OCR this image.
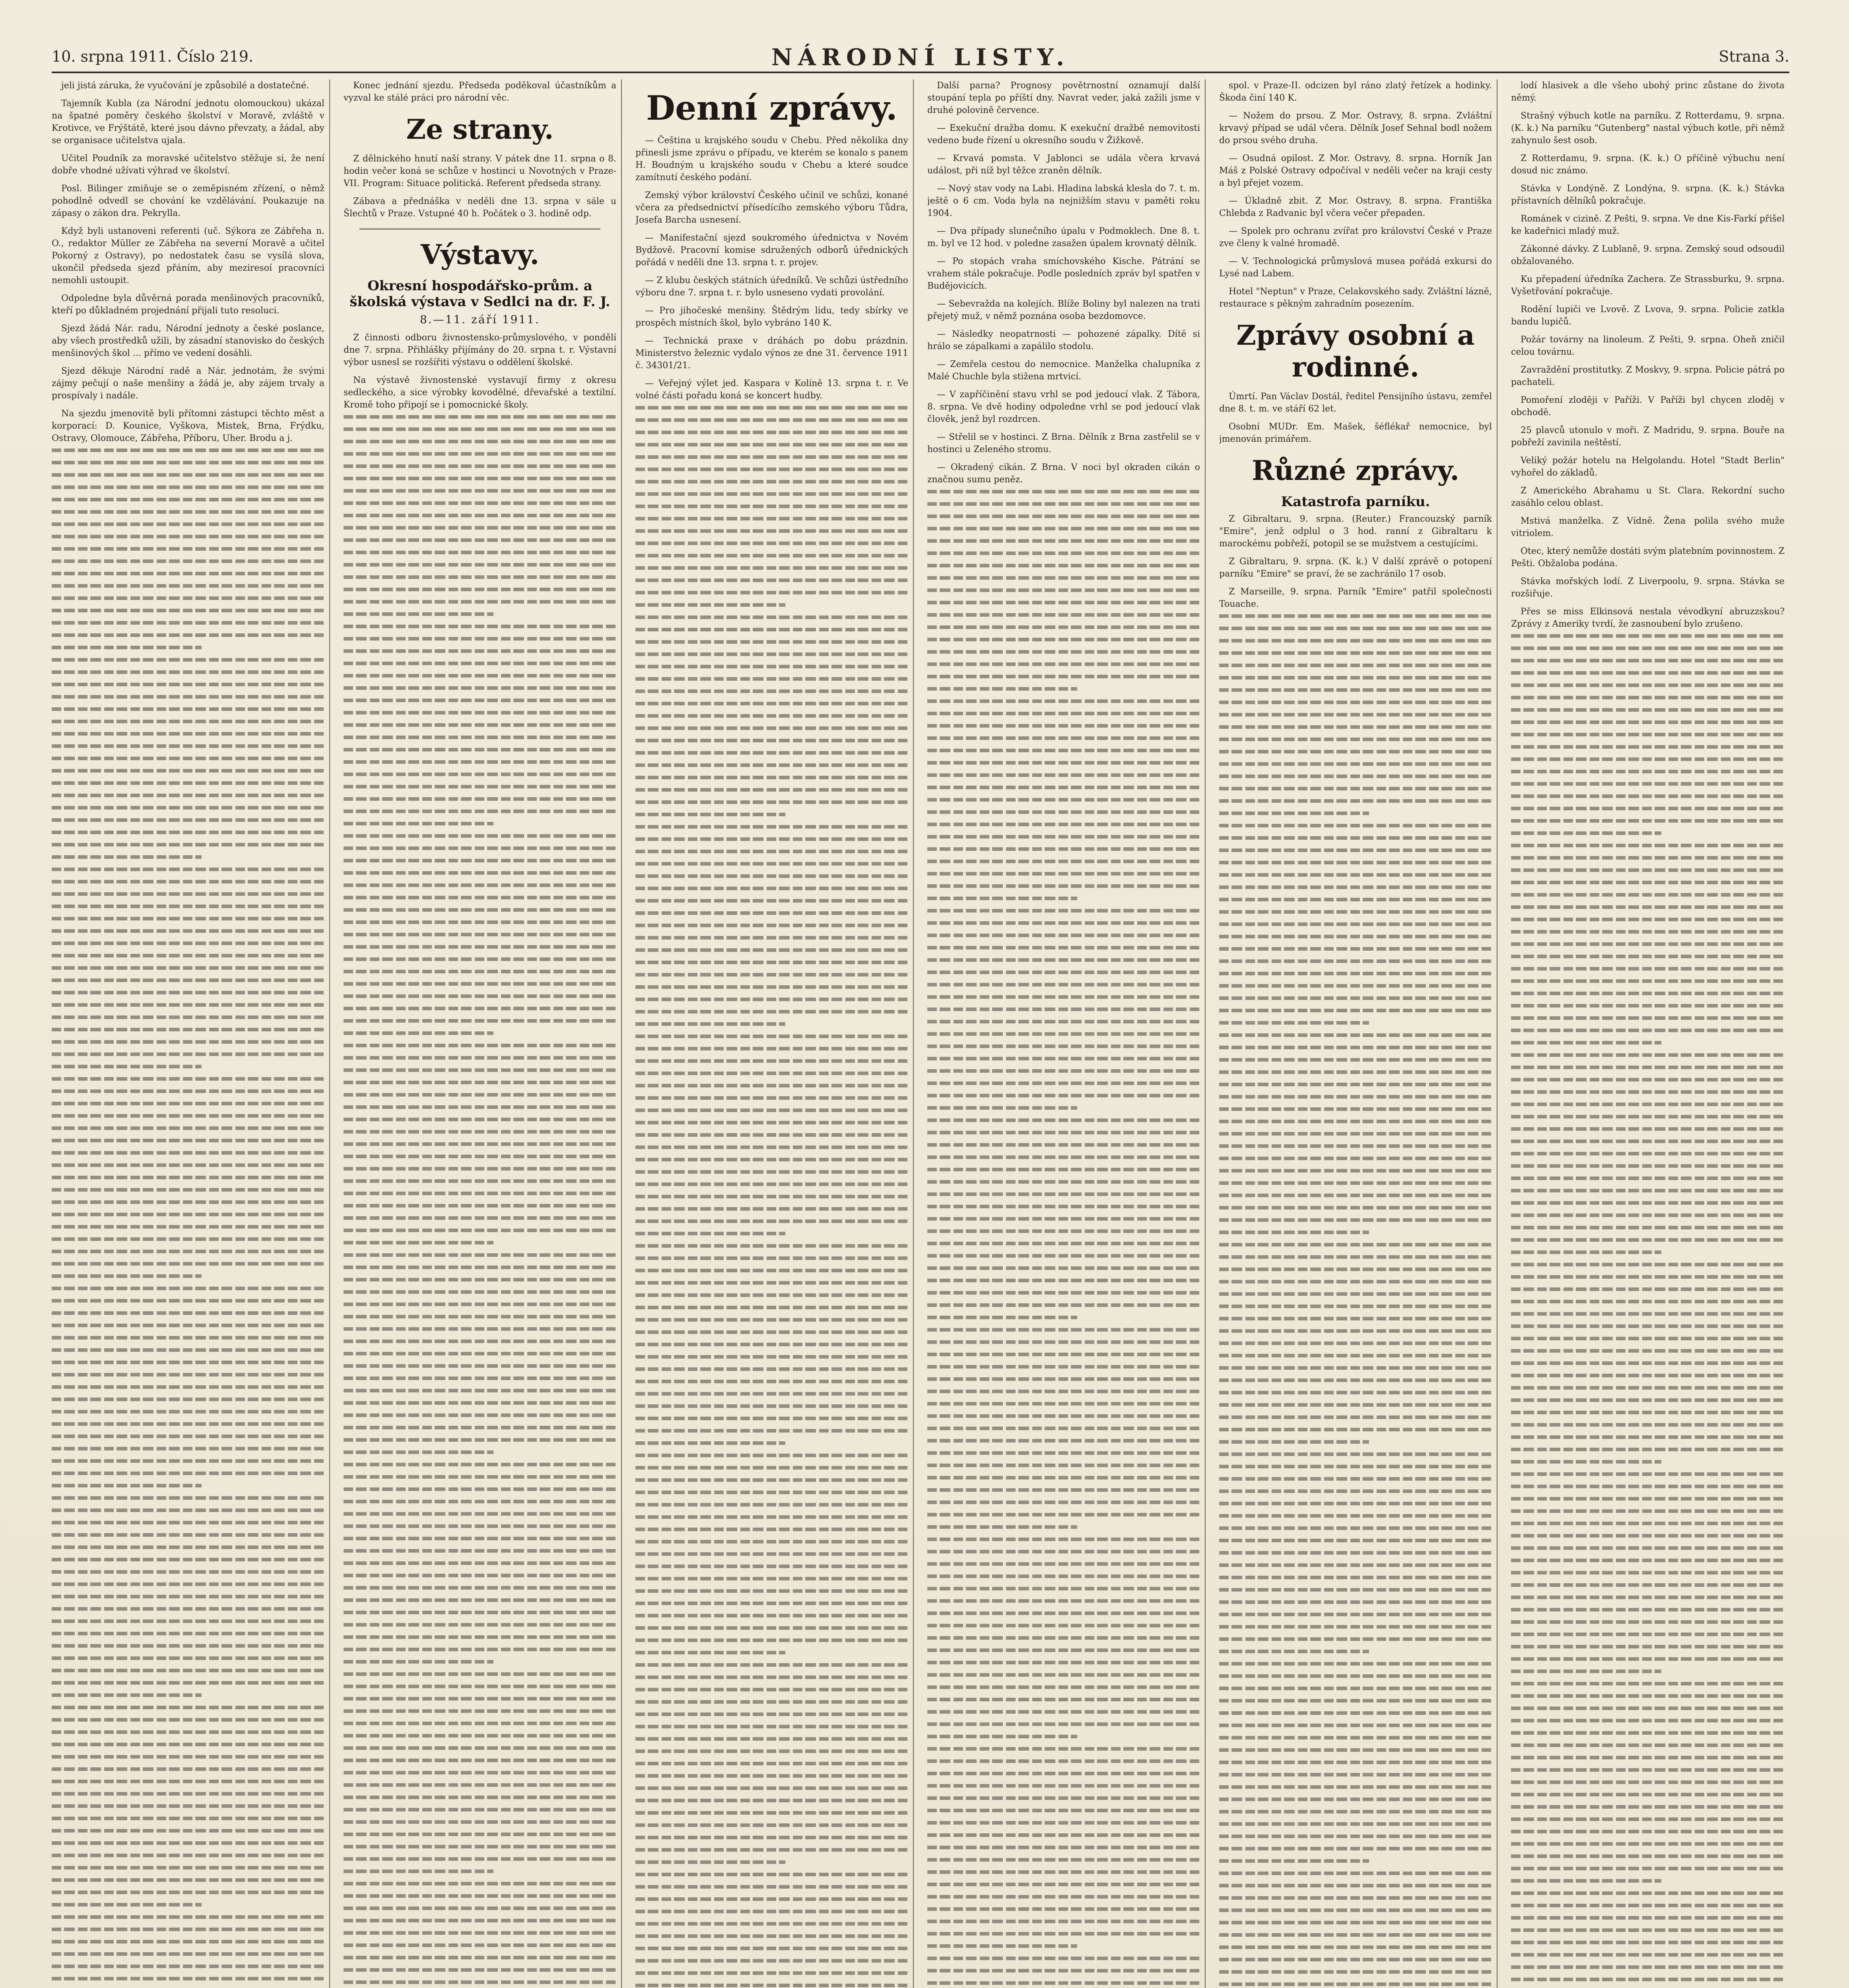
10. srpna 1911. Číslo 219.	NÁRODNÍ LISTY.	Strana 3.

jeli jistá záruka, že vyučování je způsobilé a dostatečné.

Tajemník Kubla (za Národní jednotu olomouckou) ukázal na špatné poměry českého školství v Moravě, zvláště v Krotivce, ve Frýštátě, které jsou dávno převzaty, a žádal, aby se organisace učitelstva ujala.

Učitel Poudník za moravské učitelstvo stěžuje si, že není dobře vhodné užívati výhrad ve školství.

Posl. Bilinger zmiňuje se o zeměpisném zřízení, o němž pohodlně odvedl se chování ke vzdělávání. Poukazuje na zápasy o zákon dra. Pekrylla.

Když byli ustanoveni referenti (uč. Sýkora ze Zábřeha n. O., redaktor Müller ze Zábřeha na severní Moravě a učitel Pokorný z Ostravy), po nedostatek času se vysílá slova, ukončil předseda sjezd přáním, aby meziresoí pracovníci nemohli ustoupit.

Odpoledne byla důvěrná porada menšinových pracovníků, kteří po důkladném projednání přijali tuto resoluci.

Sjezd žádá Nár. radu, Národní jednoty a české poslance, aby všech prostředků užili, by zásadní stanovisko do českých menšinových škol ... přímo ve vedení dosáhli.

Sjezd děkuje Národní radě a Nár. jednotám, že svými zájmy pečují o naše menšiny a žádá je, aby zájem trvaly a prospívaly i nadále.

Na sjezdu jmenovitě byli přítomni zástupci těchto měst a korporací: D. Kounice, Vyškova, Mistek, Brna, Frýdku, Ostravy, Olomouce, Zábřeha, Příboru, Uher. Brodu a j.

Konec jednání sjezdu. Předseda poděkoval účastníkům a vyzval ke stálé práci pro národní věc.

Ze strany.

Z dělnického hnutí naší strany. V pátek dne 11. srpna o 8. hodin večer koná se schůze v hostinci u Novotných v Praze-VII. Program: Situace politická. Referent předseda strany.

Zábava a přednáška v neděli dne 13. srpna v sále u Šlechtů v Praze. Vstupné 40 h. Počátek o 3. hodině odp.

Výstavy.
Okresní hospodářsko-prům. a školská výstava v Sedlci na dr. F. J.
8.—11. září 1911.

Z činnosti odboru živnostensko-průmyslového, v pondělí dne 7. srpna. Přihlášky přijímány do 20. srpna t. r. Výstavní výbor usnesl se rozšířiti výstavu o oddělení školské.

Na výstavě živnostenské vystavují firmy z okresu sedleckého, a sice výrobky kovodělné, dřevařské a textilní. Kromě toho připojí se i pomocnické školy.

Denní zprávy.

— Čeština u krajského soudu v Chebu. Před několika dny přinesli jsme zprávu o případu, ve kterém se konalo s panem H. Boudným u krajského soudu v Chebu a které soudce zamítnutí českého podání.

Zemský výbor království Českého učinil ve schůzi, konané včera za předsednictví přísedícího zemského výboru Tůdra, Josefa Barcha usnesení.

— Manifestační sjezd soukromého úřednictva v Novém Bydžově. Pracovní komise sdružených odborů úřednických pořádá v neděli dne 13. srpna t. r. projev.

— Z klubu českých státních úředníků. Ve schůzi ústředního výboru dne 7. srpna t. r. bylo usneseno vydati provolání.

— Pro jihočeské menšiny. Štědrým lidu, tedy sbírky ve prospěch místních škol, bylo vybráno 140 K.

— Technická praxe v dráhách po dobu prázdnin. Ministerstvo železnic vydalo výnos ze dne 31. července 1911 č. 34301/21.

— Veřejný výlet jed. Kaspara v Kolíně 13. srpna t. r. Ve volné části pořadu koná se koncert hudby.

Další parna? Prognosy povětrnostní oznamují další stoupání tepla po příští dny. Navrat veder, jaká zažili jsme v druhé polovině července.

— Exekuční dražba domu. K exekuční dražbě nemovitosti vedeno bude řízení u okresního soudu v Žižkově.

— Krvavá pomsta. V Jablonci se udála včera krvavá událost, při níž byl těžce zraněn dělník.

— Nový stav vody na Labi. Hladina labská klesla do 7. t. m. ještě o 6 cm. Voda byla na nejnižším stavu v paměti roku 1904.

— Dva případy slunečního úpalu v Podmoklech. Dne 8. t. m. byl ve 12 hod. v poledne zasažen úpalem krovnatý dělník.

— Po stopách vraha smíchovského Kische. Pátrání se vrahem stále pokračuje. Podle posledních zpráv byl spatřen v Budějovicích.

— Sebevražda na kolejích. Blíže Boliny byl nalezen na trati přejetý muž, v němž poznána osoba bezdomovce.

— Následky neopatrnosti — pohozené zápalky. Dítě si hrálo se zápalkami a zapálilo stodolu.

— Zemřela cestou do nemocnice. Manželka chalupníka z Malé Chuchle byla stižena mrtvicí.

— V zapříčinění stavu vrhl se pod jedoucí vlak. Z Tábora, 8. srpna. Ve dvě hodiny odpoledne vrhl se pod jedoucí vlak člověk, jenž byl rozdrcen.

— Střelil se v hostinci. Z Brna. Dělník z Brna zastřelil se v hostinci u Zeleného stromu.

— Okradený cikán. Z Brna. V noci byl okraden cikán o značnou sumu peněz.

spol. v Praze-II. odcizen byl ráno zlatý řetízek a hodinky. Škoda činí 140 K.

— Nožem do prsou. Z Mor. Ostravy, 8. srpna. Zvláštní krvavý případ se udál včera. Dělník Josef Sehnal bodl nožem do prsou svého druha.

— Osudná opilost. Z Mor. Ostravy, 8. srpna. Horník Jan Máš z Polské Ostravy odpočíval v neděli večer na kraji cesty a byl přejet vozem.

— Úkladně zbit. Z Mor. Ostravy, 8. srpna. Františka Chlebda z Radvanic byl včera večer přepaden.

— Spolek pro ochranu zvířat pro království České v Praze zve členy k valné hromadě.

— V. Technologická průmyslová musea pořádá exkursi do Lysé nad Labem.

Hotel "Neptun" v Praze, Celakovského sady. Zvláštní lázně, restaurace s pěkným zahradním posezením.

Zprávy osobní a rodinné.

Úmrtí. Pan Václav Dostál, ředitel Pensijního ústavu, zemřel dne 8. t. m. ve stáří 62 let.

Osobní MUDr. Em. Mašek, šéflékař nemocnice, byl jmenován primářem.

Různé zprávy.
Katastrofa parníku.

Z Gibraltaru, 9. srpna. (Reuter.) Francouzský parník "Emire", jenž odplul o 3 hod. ranní z Gibraltaru k marockému pobřeží, potopil se se mužstvem a cestujícími.

Z Gibraltaru, 9. srpna. (K. k.) V další zprávě o potopení parníku "Emire" se praví, že se zachránilo 17 osob.

Z Marseille, 9. srpna. Parník "Emire" patřil společnosti Touache.

lodí hlasivek a dle všeho ubohý princ zůstane do života němý.

Strašný výbuch kotle na parníku. Z Rotterdamu, 9. srpna. (K. k.) Na parníku "Gutenberg" nastal výbuch kotle, při němž zahynulo šest osob.

Z Rotterdamu, 9. srpna. (K. k.) O příčině výbuchu není dosud nic známo.

Stávka v Londýně. Z Londýna, 9. srpna. (K. k.) Stávka přístavních dělníků pokračuje.

Románek v cizině. Z Pešti, 9. srpna. Ve dne Kis-Farkí přišel ke kadeřnici mladý muž.

Zákonné dávky. Z Lublaně, 9. srpna. Zemský soud odsoudil obžalovaného.

Ku přepadení úředníka Zachera. Ze Strassburku, 9. srpna. Vyšetřování pokračuje.

Rodění lupiči ve Lvově. Z Lvova, 9. srpna. Policie zatkla bandu lupičů.

Požár továrny na linoleum. Z Pešti, 9. srpna. Oheň zničil celou továrnu.

Zavraždění prostitutky. Z Moskvy, 9. srpna. Policie pátrá po pachateli.

Pomoření zloději v Paříži. V Paříži byl chycen zloděj v obchodě.

25 plavců utonulo v moři. Z Madridu, 9. srpna. Bouře na pobřeží zavinila neštěstí.

Veliký požár hotelu na Helgolandu. Hotel "Stadt Berlin" vyhořel do základů.

Z Amerického Abrahamu u St. Clara. Rekordní sucho zasáhlo celou oblast.

Mstivá manželka. Z Vídně. Žena polila svého muže vitriolem.

Otec, který nemůže dostáti svým platebním povinnostem. Z Pešti. Obžaloba podána.

Stávka mořských lodí. Z Liverpoolu, 9. srpna. Stávka se rozšiřuje.

Přes se miss Elkinsová nestala vévodkyní abruzzskou? Zprávy z Ameriky tvrdí, že zasnoubení bylo zrušeno.
